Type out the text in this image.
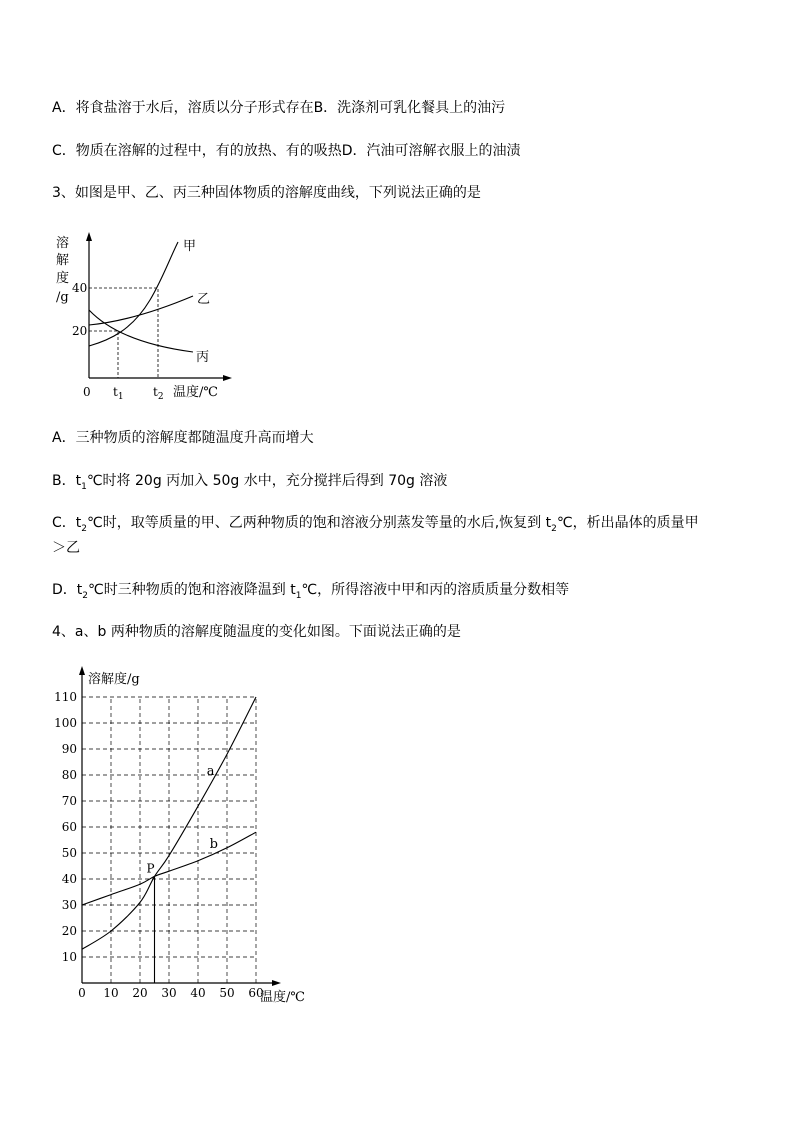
A．将食盐溶于水后，溶质以分子形式存在B．洗涤剂可乳化餐具上的油污
C．物质在溶解的过程中，有的放热、有的吸热D．汽油可溶解衣服上的油渍
3、如图是甲、乙、丙三种固体物质的溶解度曲线，下列说法正确的是
溶
解
度
/g
40
20
0 $t_1$ $t_2$ 温度/℃
甲
乙
丙
A．三种物质的溶解度都随温度升高而增大
B．$t_1℃$时将 20g 丙加入 50g 水中，充分搅拌后得到 70g 溶液
C．$t_2℃$时，取等质量的甲、乙两种物质的饱和溶液分别蒸发等量的水后,恢复到 $t_2℃$，析出晶体的质量甲
＞乙
D．$t_2℃$时三种物质的饱和溶液降温到 $t_1℃$，所得溶液中甲和丙的溶质质量分数相等
4、a、b 两种物质的溶解度随温度的变化如图。下面说法正确的是
10
20
30
40
50
60
70
80
90
100
110
0 10 20 30 40 50 60
a
b
P
溶解度/g
温度/℃
